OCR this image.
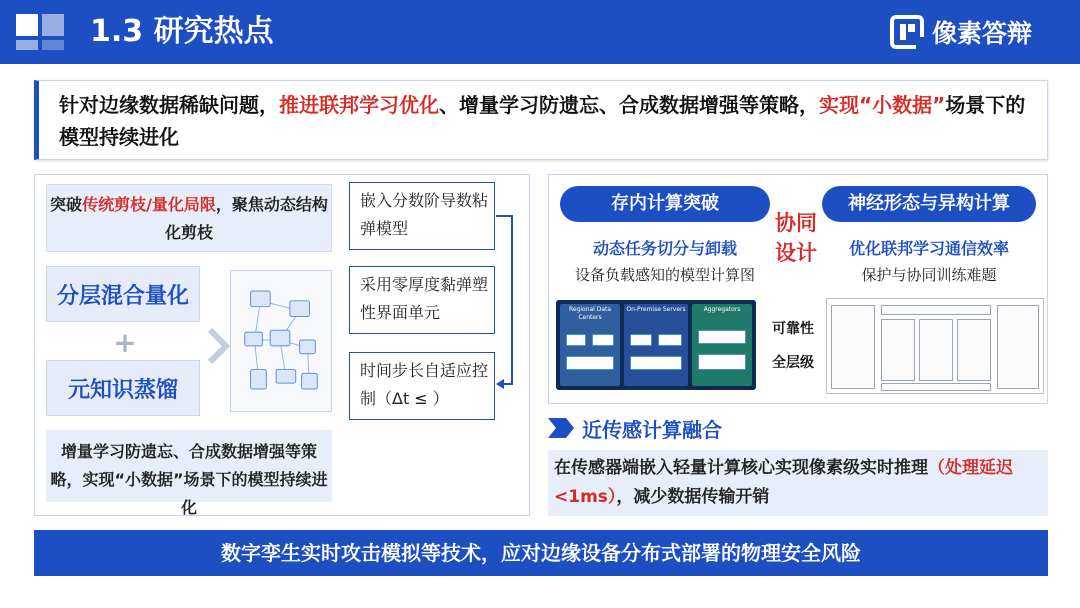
1.3 研究热点	像素答辩
针对边缘数据稀缺问题，推进联邦学习优化、增量学习防遗忘、合成数据增强等策略，实现“小数据”场景下的模型持续进化
突破传统剪枝/量化局限，聚焦动态结构化剪枝
分层混合量化
+
元知识蒸馏
嵌入分数阶导数粘弹模型
采用零厚度黏弹塑性界面单元
时间步长自适应控制（Δt ≤ ）
增量学习防遗忘、合成数据增强等策略，实现“小数据”场景下的模型持续进化
存内计算突破	神经形态与异构计算
协同设计
动态任务切分与卸载
设备负载感知的模型计算图
优化联邦学习通信效率
保护与协同训练难题
Regional Data Centers
On-Premise Servers	Aggregators
可靠性
全层级
近传感计算融合
在传感器端嵌入轻量计算核心实现像素级实时推理（处理延迟<1ms），减少数据传输开销
数字孪生实时攻击模拟等技术，应对边缘设备分布式部署的物理安全风险
